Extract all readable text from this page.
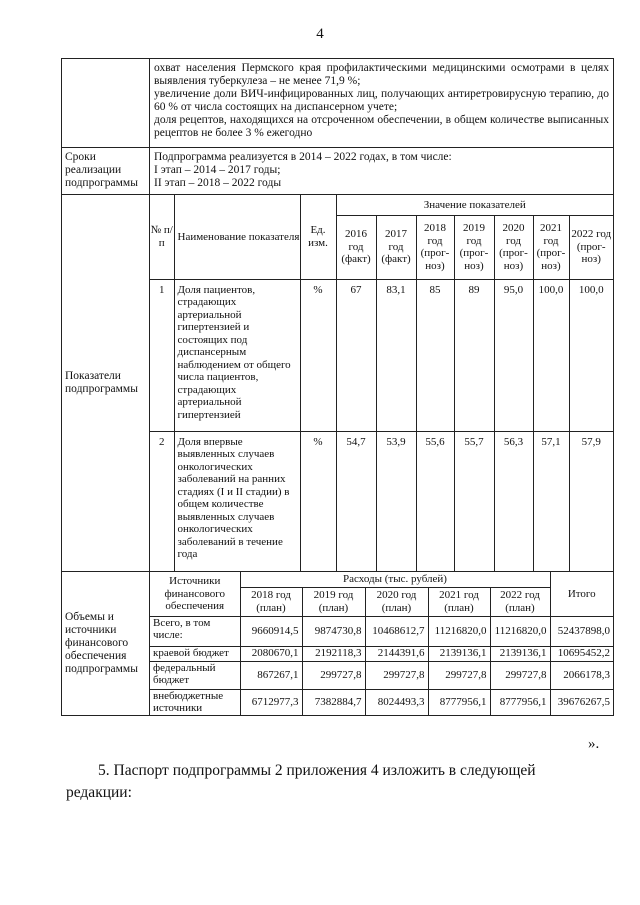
4

охват населения Пермского края профилактическими медицинскими осмотрами в целях выявления туберкулеза – не менее 71,9 %;
увеличение доли ВИЧ-инфицированных лиц, получающих антиретровирусную терапию, до 60 % от числа состоящих на диспансерном учете;
доля рецептов, находящихся на отсроченном обеспечении, в общем количестве выписанных рецептов не более 3 % ежегодно

Сроки реализации подпрограммы	
Подпрограмма реализуется в 2014 – 2022 годах, в том числе:
I этап – 2014 – 2017 годы;
II этап – 2018 – 2022 годы

Показатели подпрограммы	
№ п/п	Наименование показателя	Ед. изм.	Значение показателей
2016 год (факт)	2017 год (факт)	2018 год (прог-ноз)	2019 год (прог-ноз)	2020 год (прог-ноз)	2021 год (прог-ноз)	2022 год (прог-ноз)
1	Доля пациентов, страдающих артериальной гипертензией и состоящих под диспансерным наблюдением от общего числа пациентов, страдающих артериальной гипертензией	%	67	83,1	85	89	95,0	100,0	100,0
2	Доля впервые выявленных случаев онкологических заболеваний на ранних стадиях (I и II стадии) в общем количестве выявленных случаев онкологических заболеваний в течение года	%	54,7	53,9	55,6	55,7	56,3	57,1	57,9

Объемы и источники финансового обеспечения подпрограммы	
Источники финансового обеспечения	Расходы (тыс. рублей)	Итого
2018 год (план)	2019 год (план)	2020 год (план)	2021 год (план)	2022 год (план)
Всего, в том числе:	9660914,5	9874730,8	10468612,7	11216820,0	11216820,0	52437898,0
краевой бюджет	2080670,1	2192118,3	2144391,6	2139136,1	2139136,1	10695452,2
федеральный бюджет	867267,1	299727,8	299727,8	299727,8	299727,8	2066178,3
внебюджетные источники	6712977,3	7382884,7	8024493,3	8777956,1	8777956,1	39676267,5
».
5. Паспорт подпрограммы 2 приложения 4 изложить в следующей
редакции:
